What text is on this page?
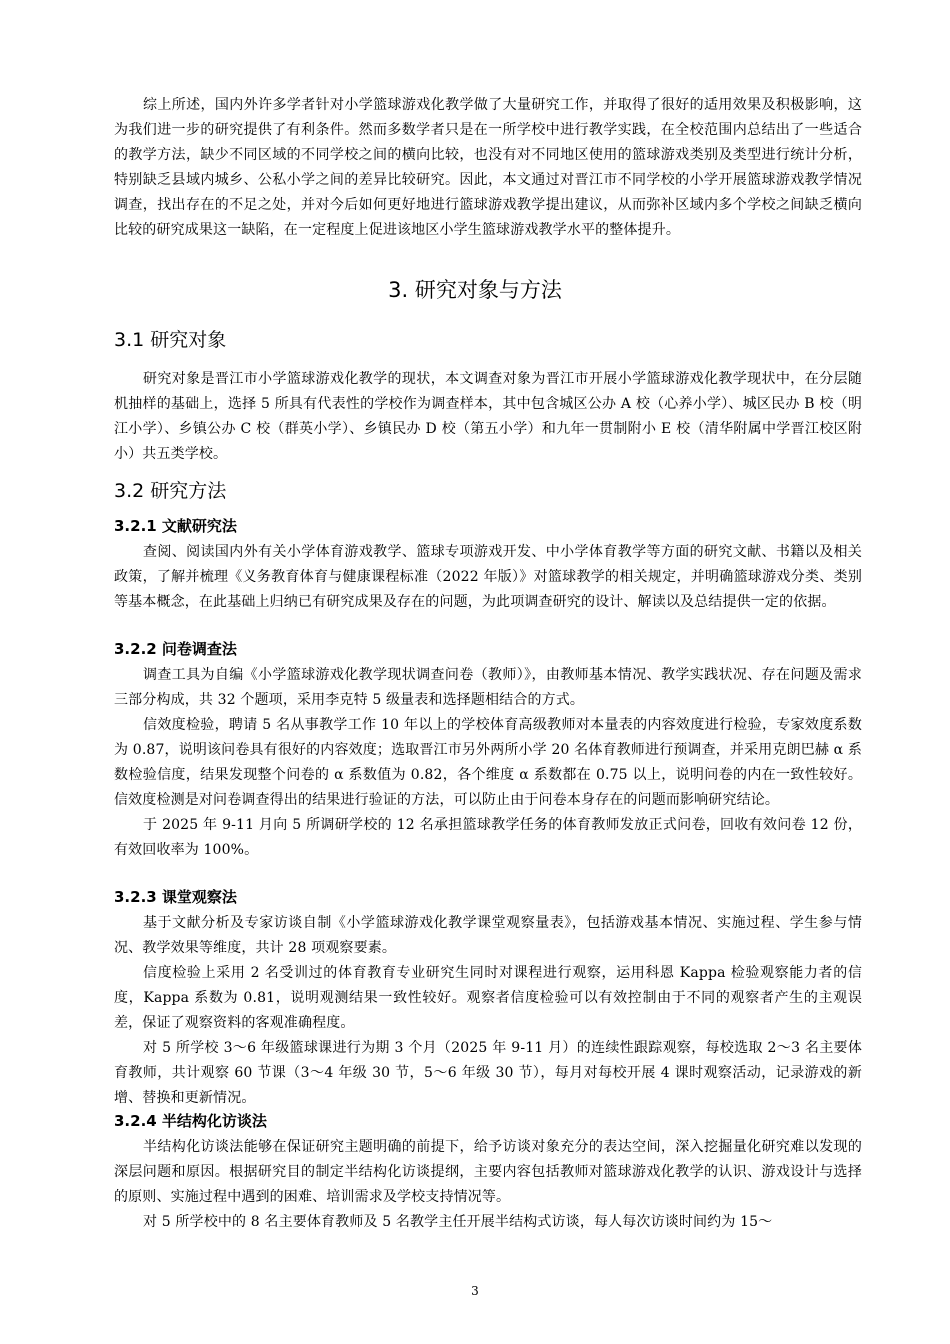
综上所述，国内外许多学者针对小学篮球游戏化教学做了大量研究工作，并取得了很好的适用效果及积极影响，这为我们进一步的研究提供了有利条件。然而多数学者只是在一所学校中进行教学实践，在全校范围内总结出了一些适合的教学方法，缺少不同区域的不同学校之间的横向比较，也没有对不同地区使用的篮球游戏类别及类型进行统计分析，特别缺乏县域内城乡、公私小学之间的差异比较研究。因此，本文通过对晋江市不同学校的小学开展篮球游戏教学情况调查，找出存在的不足之处，并对今后如何更好地进行篮球游戏教学提出建议，从而弥补区域内多个学校之间缺乏横向比较的研究成果这一缺陷，在一定程度上促进该地区小学生篮球游戏教学水平的整体提升。

3. 研究对象与方法
3.1 研究对象

研究对象是晋江市小学篮球游戏化教学的现状，本文调查对象为晋江市开展小学篮球游戏化教学现状中，在分层随机抽样的基础上，选择 5 所具有代表性的学校作为调查样本，其中包含城区公办 A 校（心养小学）、城区民办 B 校（明江小学）、乡镇公办 C 校（群英小学）、乡镇民办 D 校（第五小学）和九年一贯制附小 E 校（清华附属中学晋江校区附小）共五类学校。

3.2 研究方法
3.2.1 文献研究法

查阅、阅读国内外有关小学体育游戏教学、篮球专项游戏开发、中小学体育教学等方面的研究文献、书籍以及相关政策，了解并梳理《义务教育体育与健康课程标准（2022 年版）》对篮球教学的相关规定，并明确篮球游戏分类、类别等基本概念，在此基础上归纳已有研究成果及存在的问题，为此项调查研究的设计、解读以及总结提供一定的依据。

3.2.2 问卷调查法

调查工具为自编《小学篮球游戏化教学现状调查问卷（教师）》，由教师基本情况、教学实践状况、存在问题及需求三部分构成，共 32 个题项，采用李克特 5 级量表和选择题相结合的方式。

信效度检验，聘请 5 名从事教学工作 10 年以上的学校体育高级教师对本量表的内容效度进行检验，专家效度系数为 0.87，说明该问卷具有很好的内容效度；选取晋江市另外两所小学 20 名体育教师进行预调查，并采用克朗巴赫 α 系数检验信度，结果发现整个问卷的 α 系数值为 0.82，各个维度 α 系数都在 0.75 以上，说明问卷的内在一致性较好。信效度检测是对问卷调查得出的结果进行验证的方法，可以防止由于问卷本身存在的问题而影响研究结论。

于 2025 年 9-11 月向 5 所调研学校的 12 名承担篮球教学任务的体育教师发放正式问卷，回收有效问卷 12 份，有效回收率为 100%。

3.2.3 课堂观察法

基于文献分析及专家访谈自制《小学篮球游戏化教学课堂观察量表》，包括游戏基本情况、实施过程、学生参与情况、教学效果等维度，共计 28 项观察要素。

信度检验上采用 2 名受训过的体育教育专业研究生同时对课程进行观察，运用科恩 Kappa 检验观察能力者的信度，Kappa 系数为 0.81，说明观测结果一致性较好。观察者信度检验可以有效控制由于不同的观察者产生的主观误差，保证了观察资料的客观准确程度。

对 5 所学校 3～6 年级篮球课进行为期 3 个月（2025 年 9-11 月）的连续性跟踪观察，每校选取 2～3 名主要体育教师，共计观察 60 节课（3～4 年级 30 节，5～6 年级 30 节），每月对每校开展 4 课时观察活动，记录游戏的新增、替换和更新情况。

3.2.4 半结构化访谈法

半结构化访谈法能够在保证研究主题明确的前提下，给予访谈对象充分的表达空间，深入挖掘量化研究难以发现的深层问题和原因。根据研究目的制定半结构化访谈提纲，主要内容包括教师对篮球游戏化教学的认识、游戏设计与选择的原则、实施过程中遇到的困难、培训需求及学校支持情况等。

对 5 所学校中的 8 名主要体育教师及 5 名教学主任开展半结构式访谈，每人每次访谈时间约为 15～

3
